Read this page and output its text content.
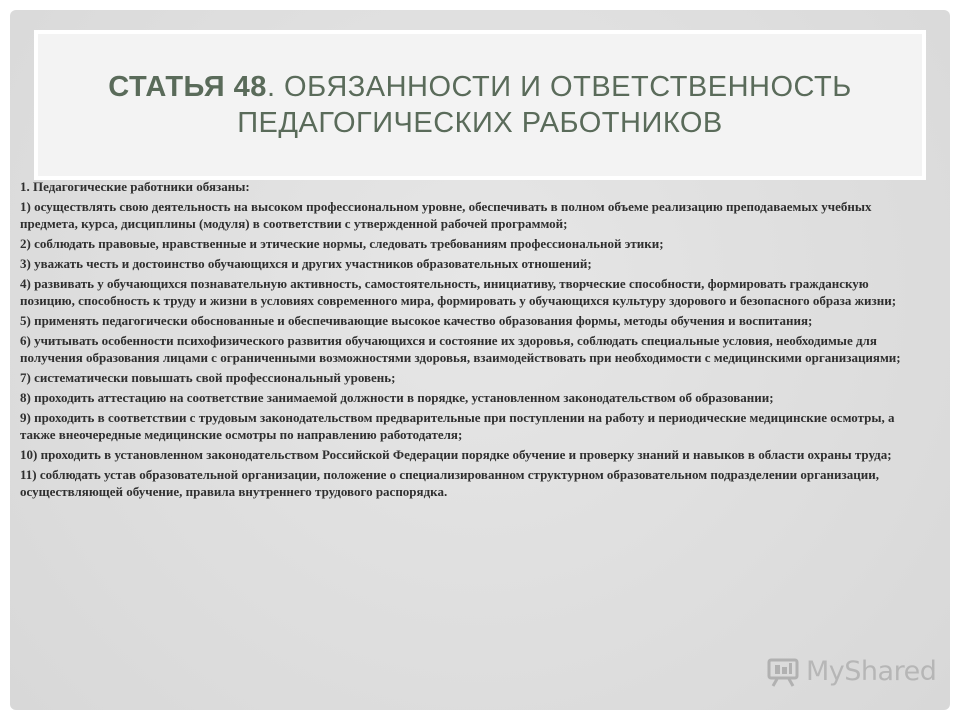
СТАТЬЯ 48. ОБЯЗАННОСТИ И ОТВЕТСТВЕННОСТЬ
ПЕДАГОГИЧЕСКИХ РАБОТНИКОВ

1. Педагогические работники обязаны:

1) осуществлять свою деятельность на высоком профессиональном уровне, обеспечивать в полном объеме реализацию преподаваемых учебных предмета, курса, дисциплины (модуля) в соответствии с утвержденной рабочей программой;

2) соблюдать правовые, нравственные и этические нормы, следовать требованиям профессиональной этики;

3) уважать честь и достоинство обучающихся и других участников образовательных отношений;

4) развивать у обучающихся познавательную активность, самостоятельность, инициативу, творческие способности, формировать гражданскую позицию, способность к труду и жизни в условиях современного мира, формировать у обучающихся культуру здорового и безопасного образа жизни;

5) применять педагогически обоснованные и обеспечивающие высокое качество образования формы, методы обучения и воспитания;

6) учитывать особенности психофизического развития обучающихся и состояние их здоровья, соблюдать специальные условия, необходимые для получения образования лицами с ограниченными возможностями здоровья, взаимодействовать при необходимости с медицинскими организациями;

7) систематически повышать свой профессиональный уровень;

8) проходить аттестацию на соответствие занимаемой должности в порядке, установленном законодательством об образовании;

9) проходить в соответствии с трудовым законодательством предварительные при поступлении на работу и периодические медицинские осмотры, а также внеочередные медицинские осмотры по направлению работодателя;

10) проходить в установленном законодательством Российской Федерации порядке обучение и проверку знаний и навыков в области охраны труда;

11) соблюдать устав образовательной организации, положение о специализированном структурном образовательном подразделении организации, осуществляющей обучение, правила внутреннего трудового распорядка.

MyShared
